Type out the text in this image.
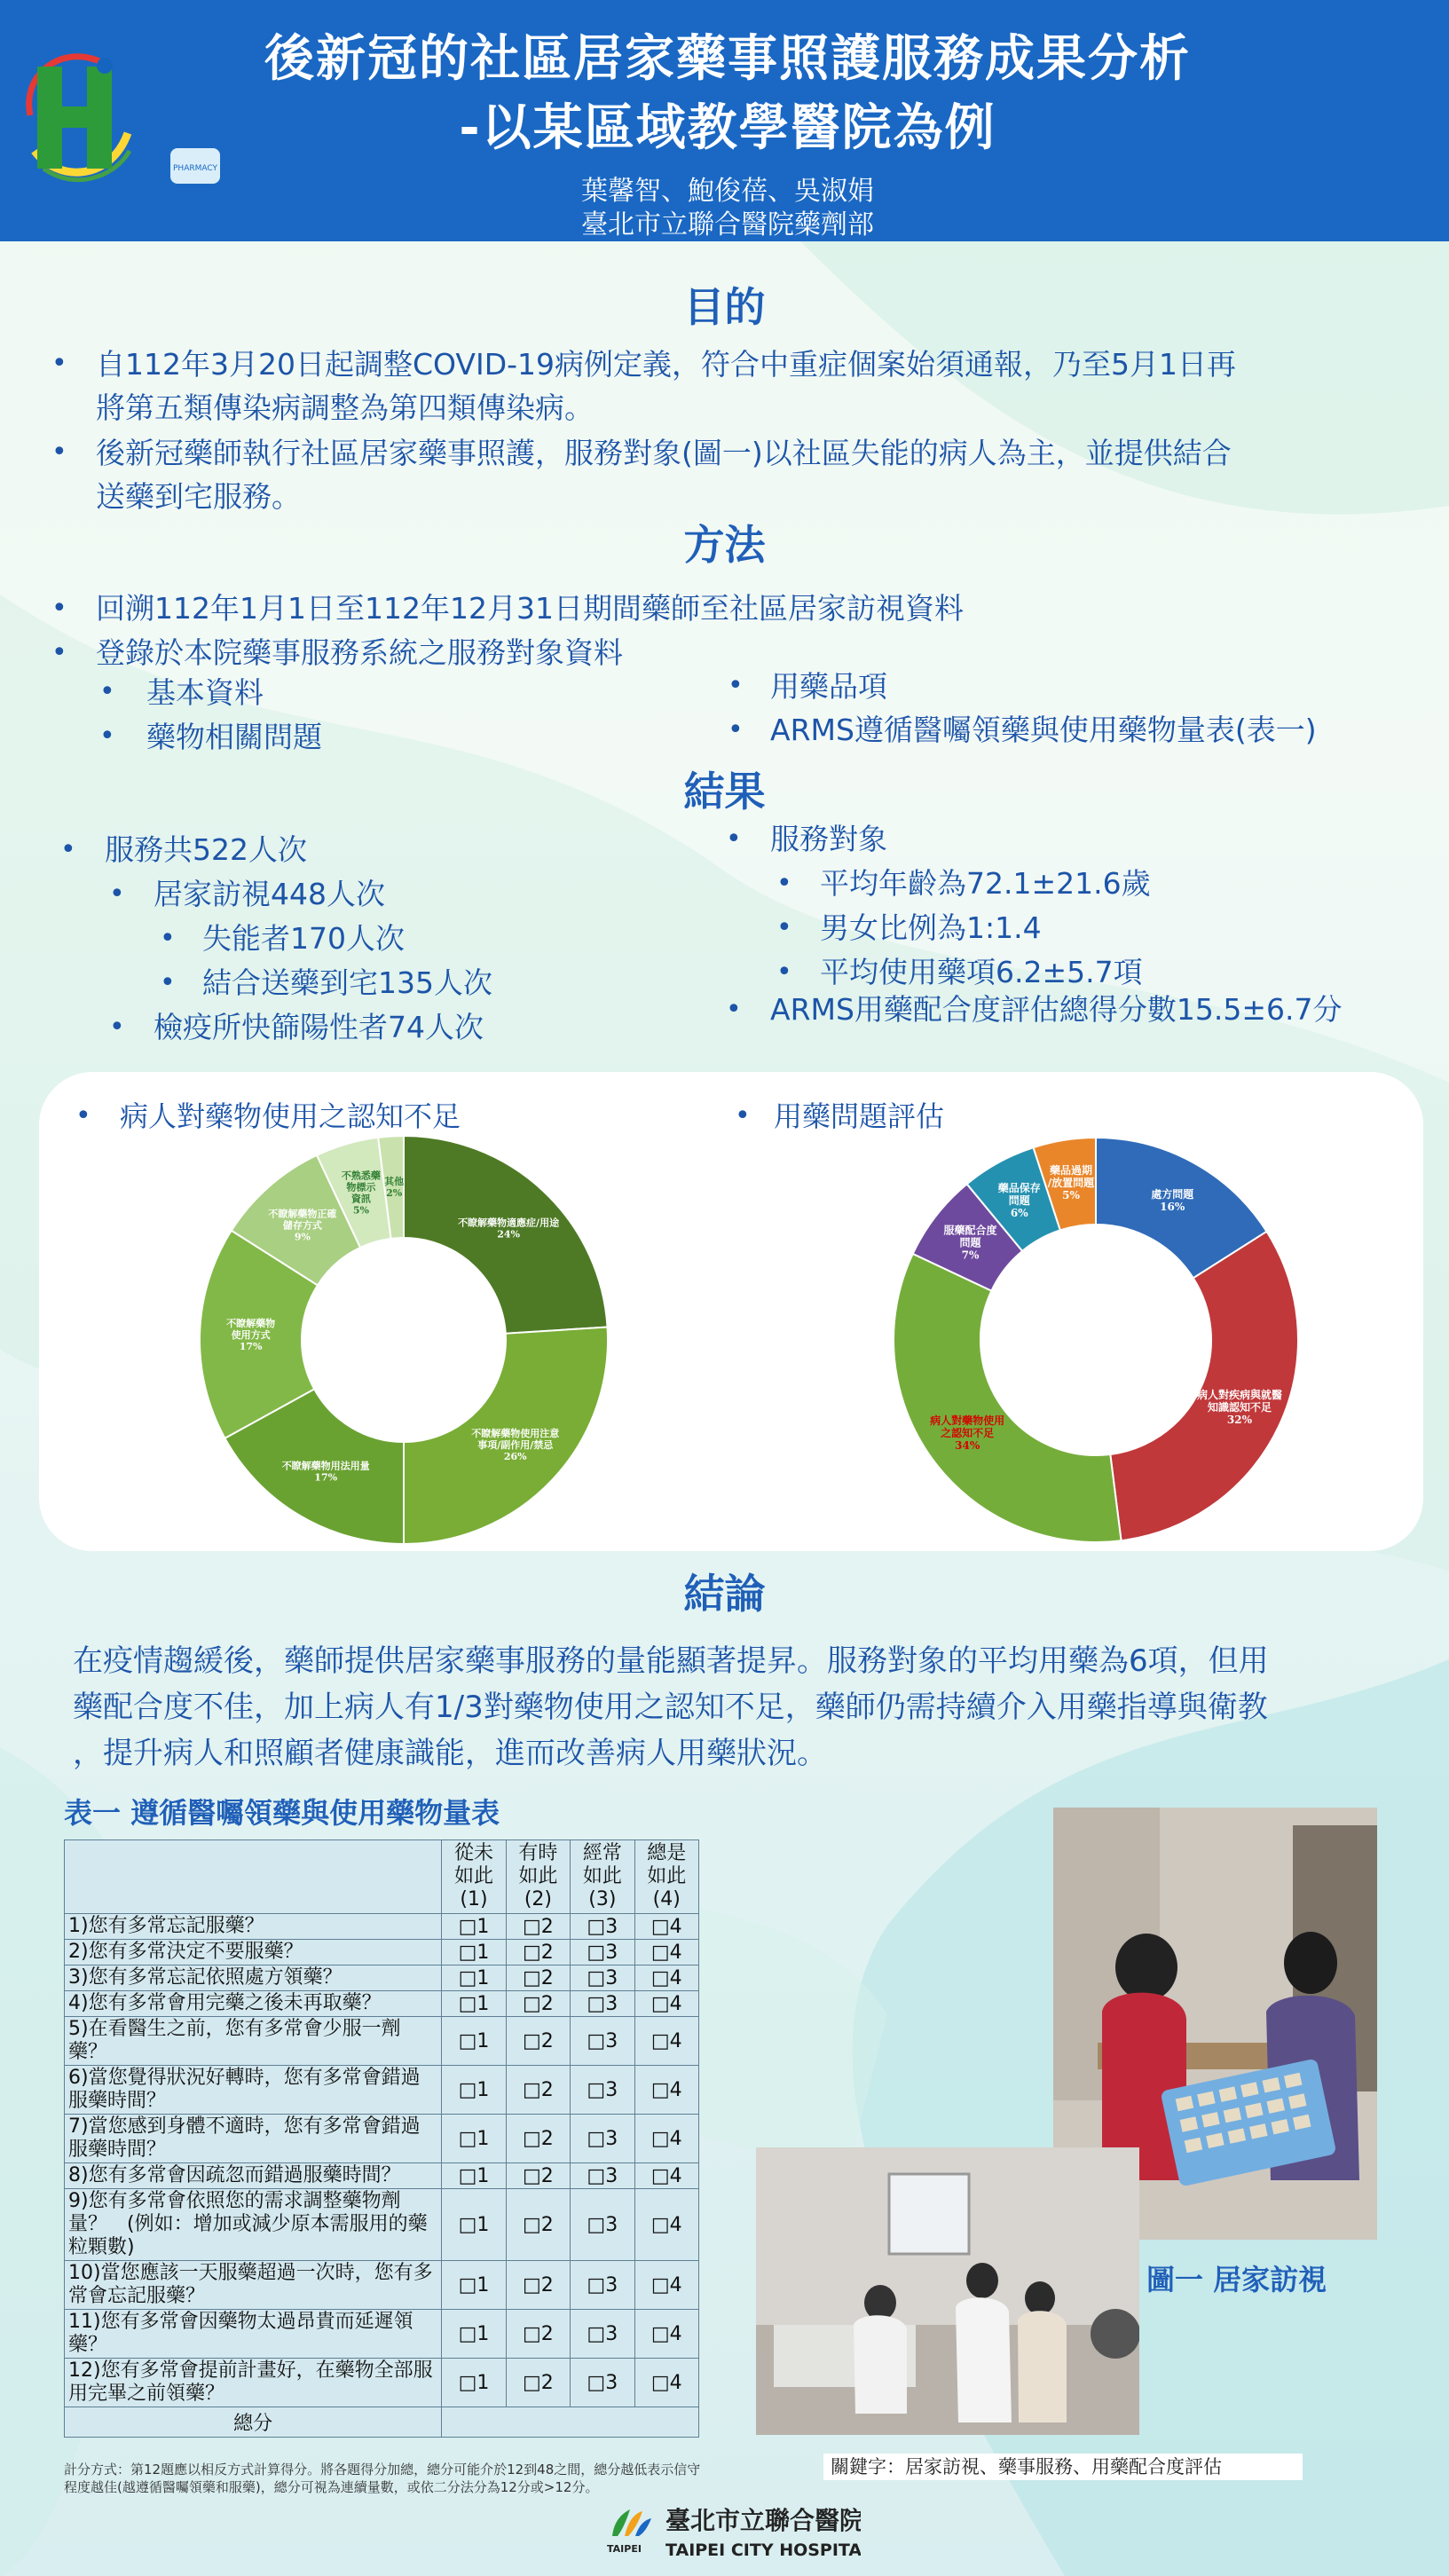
PHARMACY
後新冠的社區居家藥事照護服務成果分析
-以某區域教學醫院為例
葉馨智、鮑俊蓓、吳淑娟
臺北市立聯合醫院藥劑部
目的
• 自112年3月20日起調整COVID-19病例定義，符合中重症個案始須通報，乃至5月1日再
將第五類傳染病調整為第四類傳染病。
• 後新冠藥師執行社區居家藥事照護，服務對象(圖一)以社區失能的病人為主，並提供結合
送藥到宅服務。
方法
• 回溯112年1月1日至112年12月31日期間藥師至社區居家訪視資料
• 登錄於本院藥事服務系統之服務對象資料
• 基本資料
• 藥物相關問題
• 用藥品項
• ARMS遵循醫囑領藥與使用藥物量表(表一)
結果
• 服務共522人次
• 居家訪視448人次
• 失能者170人次
• 結合送藥到宅135人次
• 檢疫所快篩陽性者74人次
• 服務對象
• 平均年齡為72.1±21.6歲
• 男女比例為1:1.4
• 平均使用藥項6.2±5.7項
• ARMS用藥配合度評估總得分數15.5±6.7分
• 病人對藥物使用之認知不足	• 用藥問題評估
不瞭解藥物適應症/用途 24%
不瞭解藥物使用注意事項/副作用/禁忌 26%
不瞭解藥物用法用量 17%
不瞭解藥物使用方式 17%
不瞭解藥物正確儲存方式 9%
不熟悉藥物標示資訊 5%
其他 2%	處方問題 16%
病人對疾病與就醫知識認知不足 32%
病人對藥物使用之認知不足 34%
服藥配合度問題 7%
藥品保存問題 6%
藥品過期/放置問題 5%
結論
在疫情趨緩後，藥師提供居家藥事服務的量能顯著提昇。服務對象的平均用藥為6項，但用
藥配合度不佳，加上病人有1/3對藥物使用之認知不足，藥師仍需持續介入用藥指導與衛教
，提升病人和照顧者健康識能，進而改善病人用藥狀況。
表一 遵循醫囑領藥與使用藥物量表
	從未
如此
(1)	有時
如此
(2)	經常
如此
(3)	總是
如此
(4)
1)您有多常忘記服藥？	□1	□2	□3	□4
2)您有多常決定不要服藥？	□1	□2	□3	□4
3)您有多常忘記依照處方領藥？	□1	□2	□3	□4
4)您有多常會用完藥之後未再取藥？	□1	□2	□3	□4
5)在看醫生之前，您有多常會少服一劑藥？	□1	□2	□3	□4
6)當您覺得狀況好轉時，您有多常會錯過服藥時間？	□1	□2	□3	□4
7)當您感到身體不適時，您有多常會錯過服藥時間？	□1	□2	□3	□4
8)您有多常會因疏忽而錯過服藥時間？	□1	□2	□3	□4
9)您有多常會依照您的需求調整藥物劑量？　(例如：增加或減少原本需服用的藥粒顆數)	□1	□2	□3	□4
10)當您應該一天服藥超過一次時，您有多常會忘記服藥？	□1	□2	□3	□4
11)您有多常會因藥物太過昂貴而延遲領藥？	□1	□2	□3	□4
12)您有多常會提前計畫好，在藥物全部服用完畢之前領藥？	□1	□2	□3	□4
總分				
計分方式：第12題應以相反方式計算得分。將各題得分加總，總分可能介於12到48之間，總分越低表示信守程度越佳(越遵循醫囑領藥和服藥)，總分可視為連續量數，或依二分法分為12分或>12分。
圖一 居家訪視
關鍵字：居家訪視、藥事服務、用藥配合度評估
TAIPEI
臺北市立聯合醫院
TAIPEI CITY HOSPITAL
